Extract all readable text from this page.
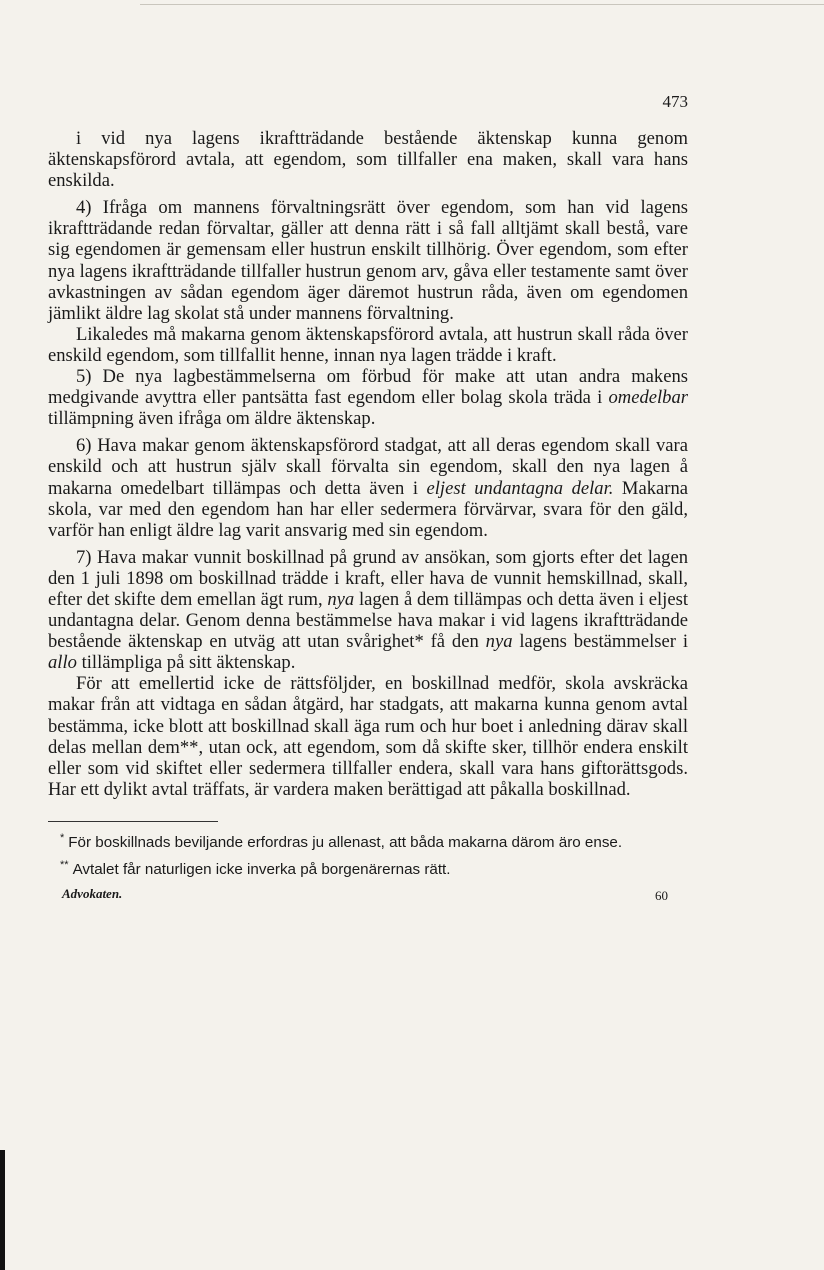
473

i vid nya lagens ikraftträdande bestående äktenskap kunna genom äktenskapsförord avtala, att egendom, som tillfaller ena maken, skall vara hans enskilda.

4) Ifråga om mannens förvaltningsrätt över egendom, som han vid lagens ikraftträdande redan förvaltar, gäller att denna rätt i så fall alltjämt skall bestå, vare sig egendomen är gemensam eller hustrun enskilt tillhörig. Över egendom, som efter nya lagens ikraftträdande tillfaller hustrun genom arv, gåva eller testamente samt över avkastningen av sådan egendom äger däremot hustrun råda, även om egendomen jämlikt äldre lag skolat stå under mannens förvaltning.

Likaledes må makarna genom äktenskapsförord avtala, att hustrun skall råda över enskild egendom, som tillfallit henne, innan nya lagen trädde i kraft.

5) De nya lagbestämmelserna om förbud för make att utan andra makens medgivande avyttra eller pantsätta fast egendom eller bolag skola träda i omedelbar tillämpning även ifråga om äldre äktenskap.

6) Hava makar genom äktenskapsförord stadgat, att all deras egendom skall vara enskild och att hustrun själv skall förvalta sin egendom, skall den nya lagen å makarna omedelbart tillämpas och detta även i eljest undantagna delar. Makarna skola, var med den egendom han har eller sedermera förvärvar, svara för den gäld, varför han enligt äldre lag varit ansvarig med sin egendom.

7) Hava makar vunnit boskillnad på grund av ansökan, som gjorts efter det lagen den 1 juli 1898 om boskillnad trädde i kraft, eller hava de vunnit hemskillnad, skall, efter det skifte dem emellan ägt rum, nya lagen å dem tillämpas och detta även i eljest undantagna delar. Genom denna bestämmelse hava makar i vid lagens ikraftträdande bestående äktenskap en utväg att utan svårighet* få den nya lagens bestämmelser i allo tillämpliga på sitt äktenskap.

För att emellertid icke de rättsföljder, en boskillnad medför, skola avskräcka makar från att vidtaga en sådan åtgärd, har stadgats, att makarna kunna genom avtal bestämma, icke blott att boskillnad skall äga rum och hur boet i anledning därav skall delas mellan dem**, utan ock, att egendom, som då skifte sker, tillhör endera enskilt eller som vid skiftet eller sedermera tillfaller endera, skall vara hans giftorättsgods. Har ett dylikt avtal träffats, är vardera maken berättigad att påkalla boskillnad.

* För boskillnads beviljande erfordras ju allenast, att båda makarna därom äro ense.

** Avtalet får naturligen icke inverka på borgenärernas rätt.

Advokaten.	60
